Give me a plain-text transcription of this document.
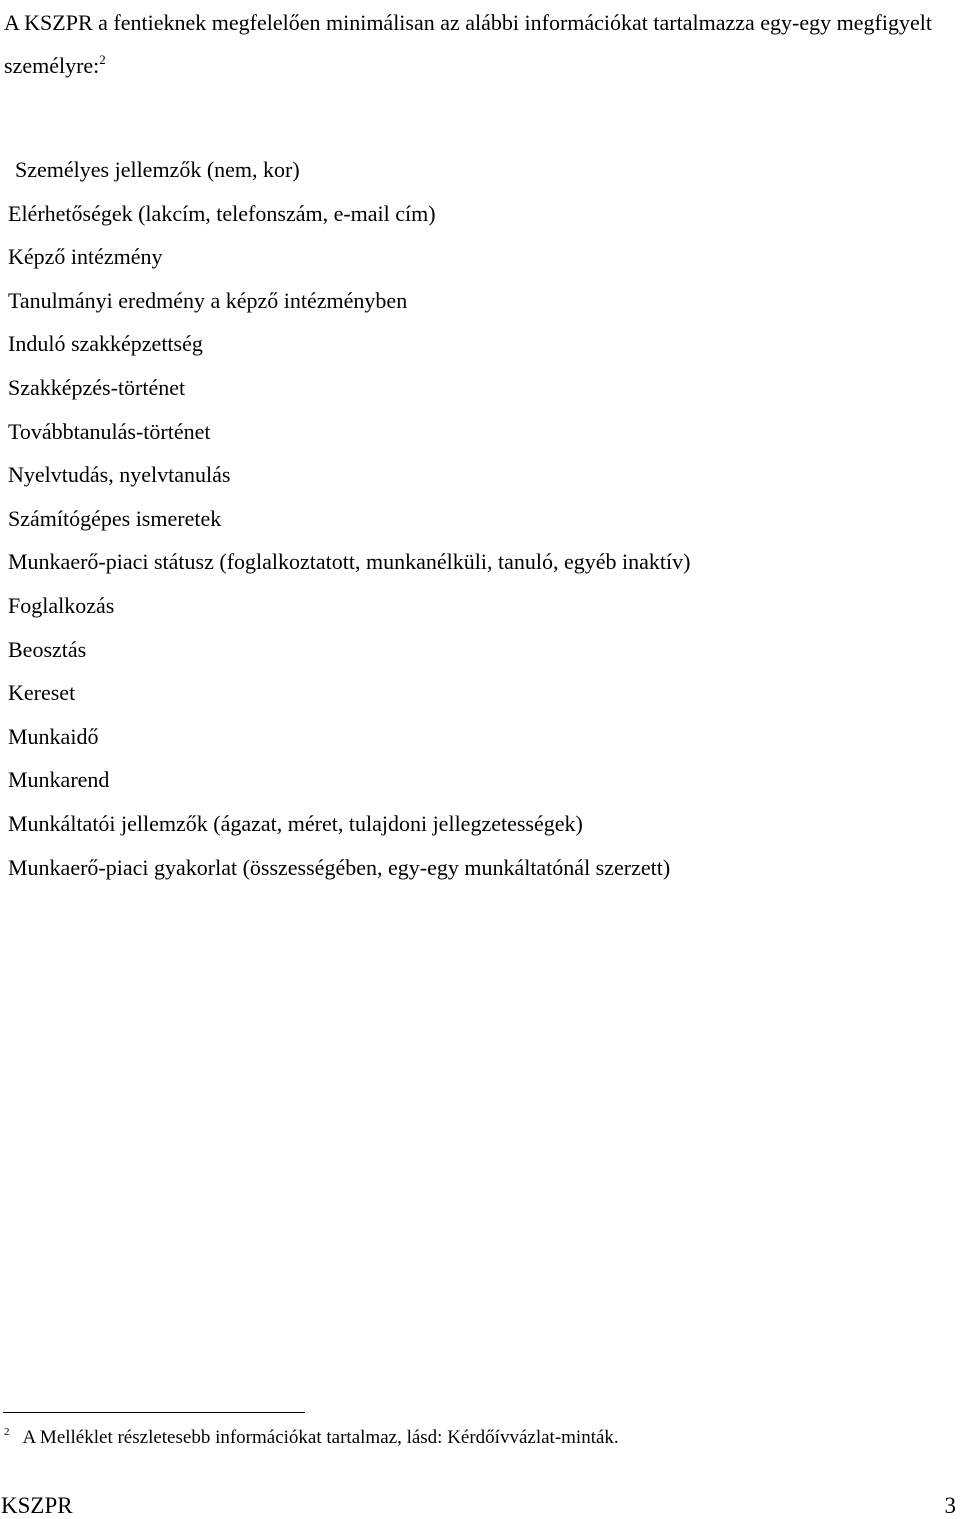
A KSZPR a fentieknek megfelelően minimálisan az alábbi információkat tartalmazza egy-egy megfigyelt személyre:$^2$

Személyes jellemzők (nem, kor)
Elérhetőségek (lakcím, telefonszám, e-mail cím)
Képző intézmény
Tanulmányi eredmény a képző intézményben
Induló szakképzettség
Szakképzés-történet
Továbbtanulás-történet
Nyelvtudás, nyelvtanulás
Számítógépes ismeretek
Munkaerő-piaci státusz (foglalkoztatott, munkanélküli, tanuló, egyéb inaktív)
Foglalkozás
Beosztás
Kereset
Munkaidő
Munkarend
Munkáltatói jellemzők (ágazat, méret, tulajdoni jellegzetességek)
Munkaerő-piaci gyakorlat (összességében, egy-egy munkáltatónál szerzett)
$^2$ A Melléklet részletesebb információkat tartalmaz, lásd: Kérdőívvázlat-minták.
KSZPR	3
